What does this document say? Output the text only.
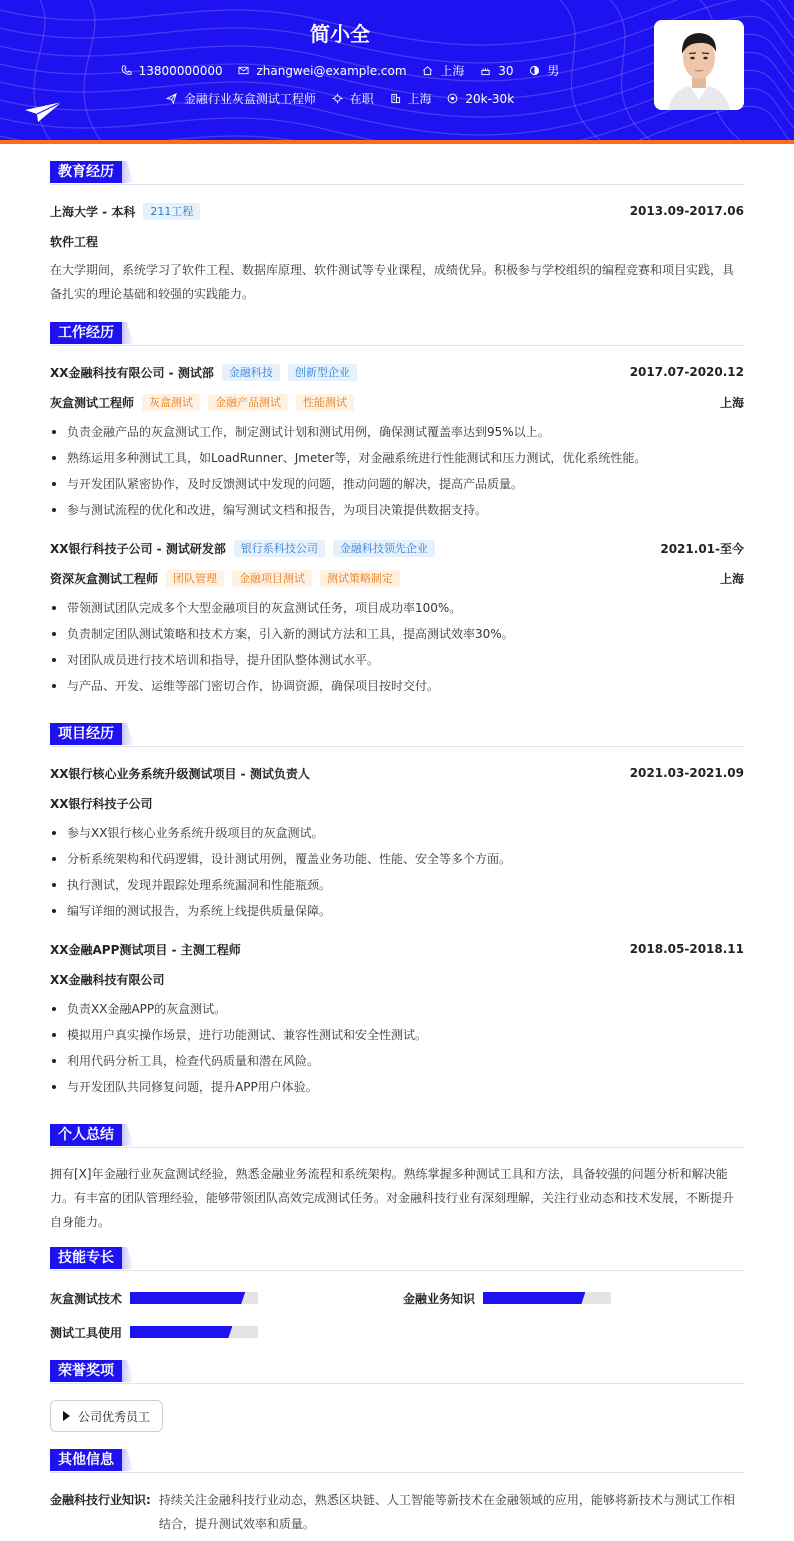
简小全
13800000000
	zhangwei@example.com
	上海
	30
	男
金融行业灰盒测试工程师
	在职
	上海
	20k-30k
教育经历
上海大学 - 本科	211工程	2013.09-2017.06
软件工程
在大学期间，系统学习了软件工程、数据库原理、软件测试等专业课程，成绩优异。积极参与学校组织的编程竞赛和项目实践，具备扎实的理论基础和较强的实践能力。
工作经历
XX金融科技有限公司 - 测试部	金融科技	创新型企业	2017.07-2020.12
灰盒测试工程师	灰盒测试	金融产品测试	性能测试	上海
负责金融产品的灰盒测试工作，制定测试计划和测试用例，确保测试覆盖率达到95%以上。
熟练运用多种测试工具，如LoadRunner、Jmeter等，对金融系统进行性能测试和压力测试，优化系统性能。
与开发团队紧密协作，及时反馈测试中发现的问题，推动问题的解决，提高产品质量。
参与测试流程的优化和改进，编写测试文档和报告，为项目决策提供数据支持。
XX银行科技子公司 - 测试研发部	银行系科技公司	金融科技领先企业	2021.01-至今
资深灰盒测试工程师	团队管理	金融项目测试	测试策略制定	上海
带领测试团队完成多个大型金融项目的灰盒测试任务，项目成功率100%。
负责制定团队测试策略和技术方案，引入新的测试方法和工具，提高测试效率30%。
对团队成员进行技术培训和指导，提升团队整体测试水平。
与产品、开发、运维等部门密切合作，协调资源，确保项目按时交付。
项目经历
XX银行核心业务系统升级测试项目 - 测试负责人	2021.03-2021.09
XX银行科技子公司
参与XX银行核心业务系统升级项目的灰盒测试。
分析系统架构和代码逻辑，设计测试用例，覆盖业务功能、性能、安全等多个方面。
执行测试，发现并跟踪处理系统漏洞和性能瓶颈。
编写详细的测试报告，为系统上线提供质量保障。
XX金融APP测试项目 - 主测工程师	2018.05-2018.11
XX金融科技有限公司
负责XX金融APP的灰盒测试。
模拟用户真实操作场景，进行功能测试、兼容性测试和安全性测试。
利用代码分析工具，检查代码质量和潜在风险。
与开发团队共同修复问题，提升APP用户体验。
个人总结
拥有[X]年金融行业灰盒测试经验，熟悉金融业务流程和系统架构。熟练掌握多种测试工具和方法，具备较强的问题分析和解决能力。有丰富的团队管理经验，能够带领团队高效完成测试任务。对金融科技行业有深刻理解，关注行业动态和技术发展，不断提升自身能力。
技能专长
灰盒测试技术	金融业务知识
测试工具使用
荣誉奖项
公司优秀员工
其他信息
金融科技行业知识: 持续关注金融科技行业动态，熟悉区块链、人工智能等新技术在金融领域的应用，能够将新技术与测试工作相结合，提升测试效率和质量。
